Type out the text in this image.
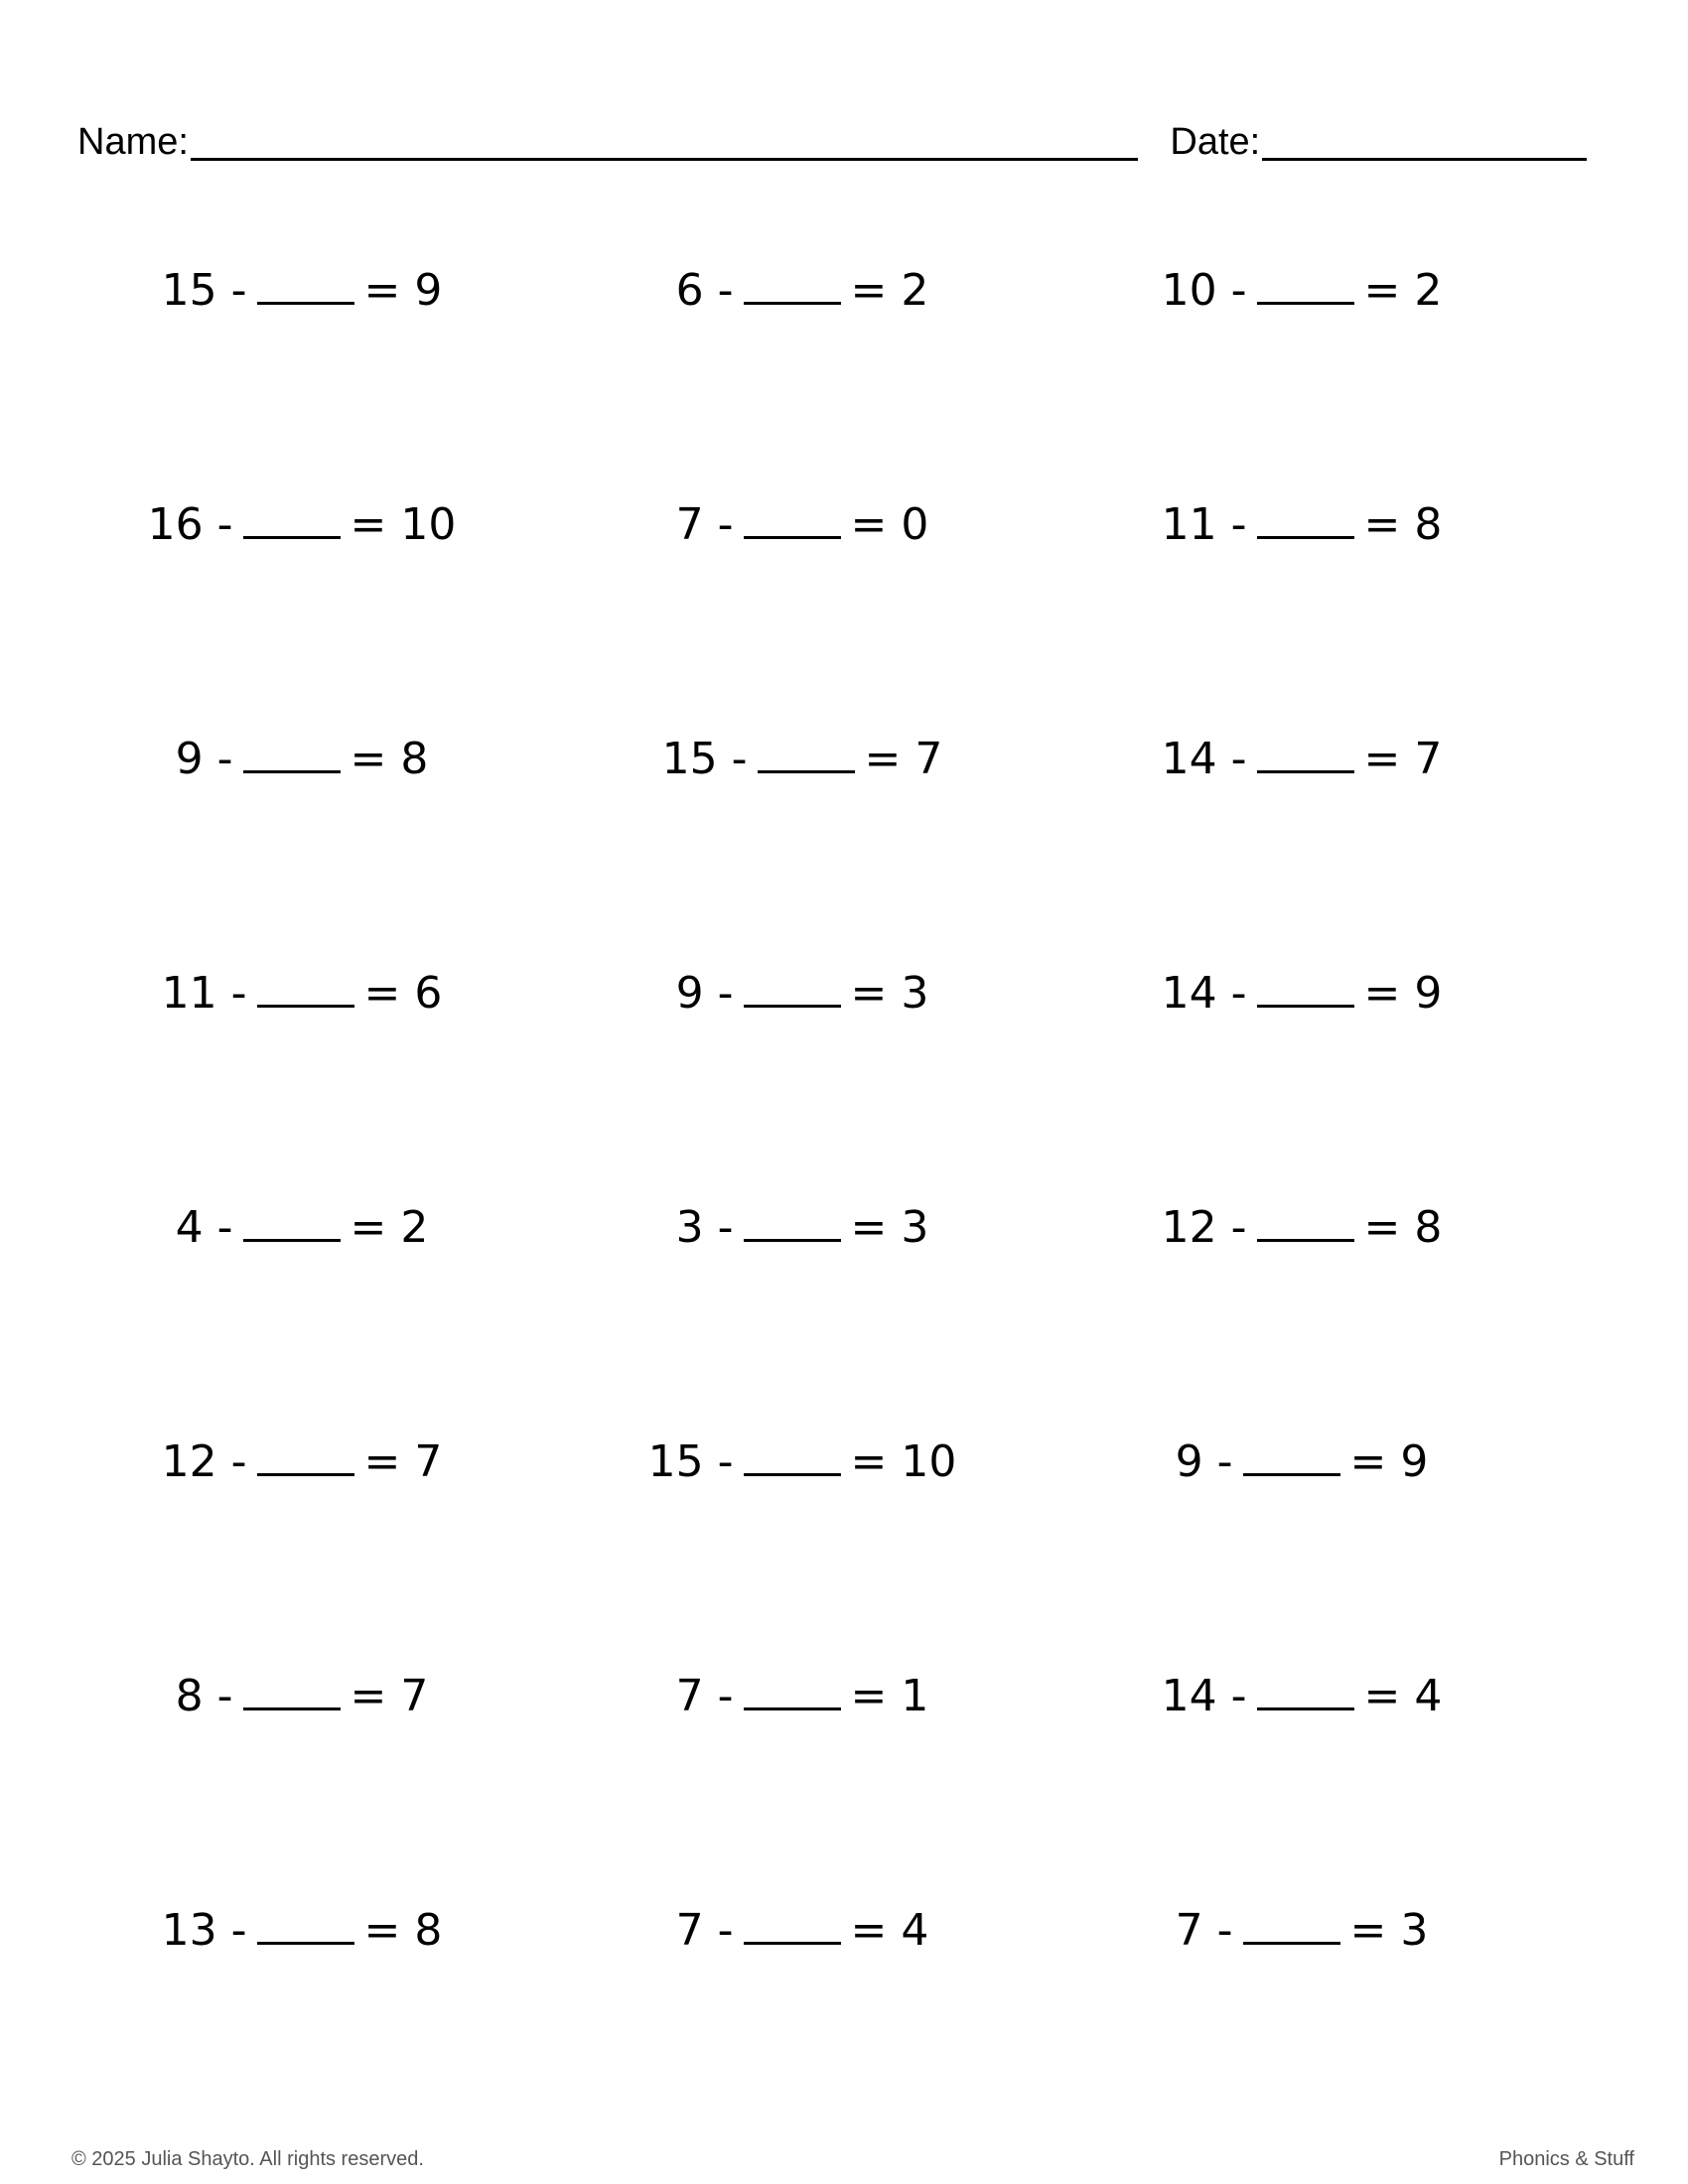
Name:	Date:
15 -	= 9	6 -	= 2	10 -	= 2
16 -	= 10	7 -	= 0	11 -	= 8
9 -	= 8	15 -	= 7	14 -	= 7
11 -	= 6	9 -	= 3	14 -	= 9
4 -	= 2	3 -	= 3	12 -	= 8
12 -	= 7	15 -	= 10	9 -	= 9
8 -	= 7	7 -	= 1	14 -	= 4
13 -	= 8	7 -	= 4	7 -	= 3
© 2025 Julia Shayto. All rights reserved.	Phonics & Stuff
